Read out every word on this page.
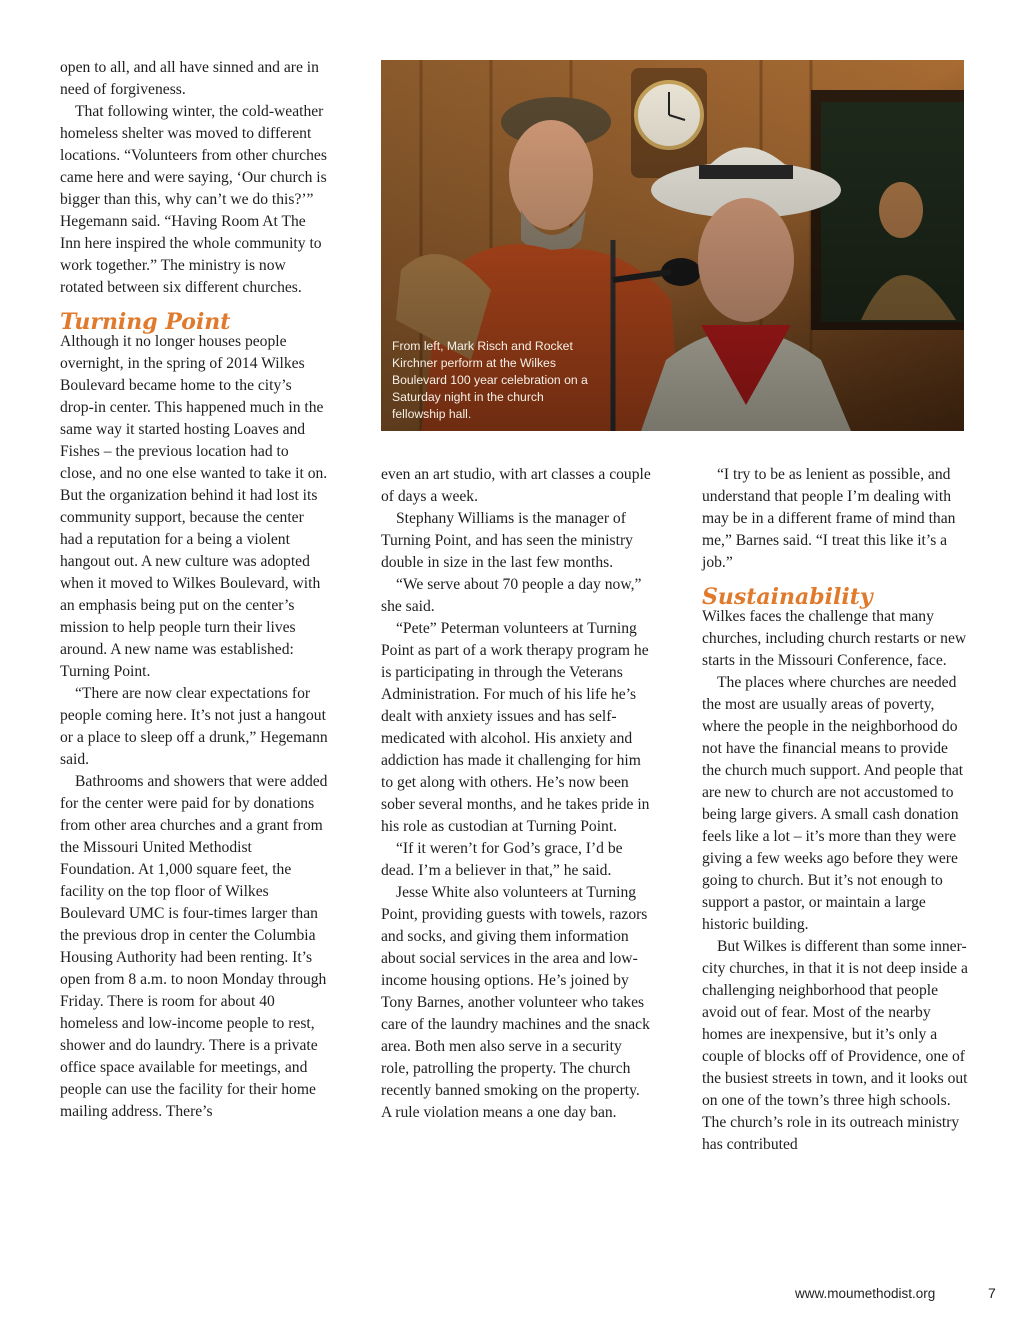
open to all, and all have sinned and are in need of forgiveness.

That following winter, the cold-weather homeless shelter was moved to different locations. “Volunteers from other churches came here and were saying, ‘Our church is bigger than this, why can’t we do this?’” Hegemann said. “Having Room At The Inn here inspired the whole community to work together.” The ministry is now rotated between six different churches.

Turning Point

Although it no longer houses people overnight, in the spring of 2014 Wilkes Boulevard became home to the city’s drop-in center. This happened much in the same way it started hosting Loaves and Fishes – the previous location had to close, and no one else wanted to take it on. But the organization behind it had lost its community support, because the center had a reputation for a being a violent hangout out. A new culture was adopted when it moved to Wilkes Boulevard, with an emphasis being put on the center’s mission to help people turn their lives around. A new name was established: Turning Point.

“There are now clear expectations for people coming here. It’s not just a hangout or a place to sleep off a drunk,” Hegemann said.

Bathrooms and showers that were added for the center were paid for by donations from other area churches and a grant from the Missouri United Methodist Foundation. At 1,000 square feet, the facility on the top floor of Wilkes Boulevard UMC is four-times larger than the previous drop in center the Columbia Housing Authority had been renting. It’s open from 8 a.m. to noon Monday through Friday. There is room for about 40 homeless and low-income people to rest, shower and do laundry. There is a private office space available for meetings, and people can use the facility for their home mailing address. There’s

From left, Mark Risch and Rocket Kirchner perform at the Wilkes Boulevard 100 year celebration on a Saturday night in the church fellowship hall.

even an art studio, with art classes a couple of days a week.

Stephany Williams is the manager of Turning Point, and has seen the ministry double in size in the last few months.

“We serve about 70 people a day now,” she said.

“Pete” Peterman volunteers at Turning Point as part of a work therapy program he is participating in through the Veterans Administration. For much of his life he’s dealt with anxiety issues and has self-medicated with alcohol. His anxiety and addiction has made it challenging for him to get along with others. He’s now been sober several months, and he takes pride in his role as custodian at Turning Point.

“If it weren’t for God’s grace, I’d be dead. I’m a believer in that,” he said.

Jesse White also volunteers at Turning Point, providing guests with towels, razors and socks, and giving them information about social services in the area and low-income housing options. He’s joined by Tony Barnes, another volunteer who takes care of the laundry machines and the snack area. Both men also serve in a security role, patrolling the property. The church recently banned smoking on the property. A rule violation means a one day ban.

“I try to be as lenient as possible, and understand that people I’m dealing with may be in a different frame of mind than me,” Barnes said. “I treat this like it’s a job.”

Sustainability

Wilkes faces the challenge that many churches, including church restarts or new starts in the Missouri Conference, face.

The places where churches are needed the most are usually areas of poverty, where the people in the neighborhood do not have the financial means to provide the church much support. And people that are new to church are not accustomed to being large givers. A small cash donation feels like a lot – it’s more than they were giving a few weeks ago before they were going to church. But it’s not enough to support a pastor, or maintain a large historic building.

But Wilkes is different than some inner-city churches, in that it is not deep inside a challenging neighborhood that people avoid out of fear. Most of the nearby homes are inexpensive, but it’s only a couple of blocks off of Providence, one of the busiest streets in town, and it looks out on one of the town’s three high schools. The church’s role in its outreach ministry has contributed

www.moumethodist.org	7
